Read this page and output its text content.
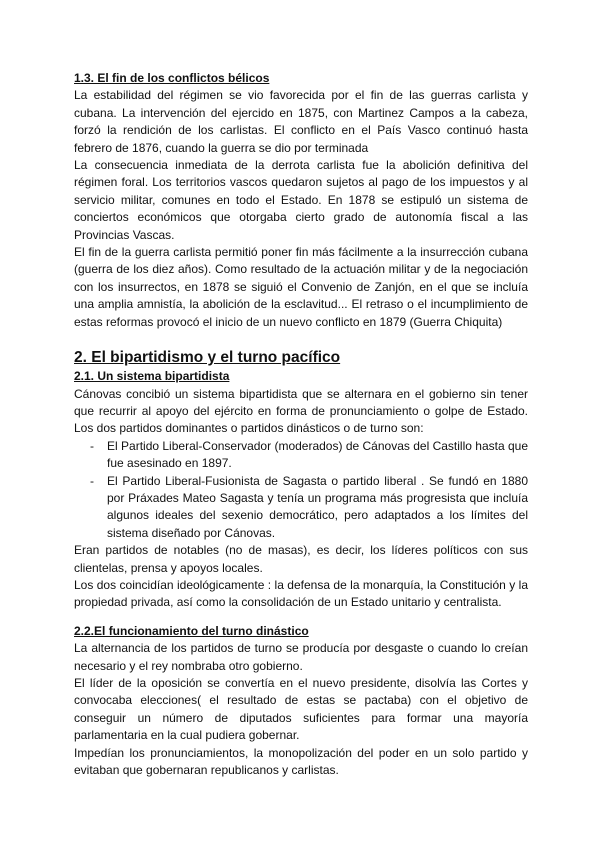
1.3. El fin de los conflictos bélicos

La estabilidad del régimen se vio favorecida por el fin de las guerras carlista y cubana. La intervención del ejercido en 1875, con Martinez Campos a la cabeza, forzó la rendición de los carlistas. El conflicto en el País Vasco continuó hasta febrero de 1876, cuando la guerra se dio por terminada

La consecuencia inmediata de la derrota carlista fue la abolición definitiva del régimen foral. Los territorios vascos quedaron sujetos al pago de los impuestos y al servicio militar, comunes en todo el Estado. En 1878 se estipuló un sistema de conciertos económicos que otorgaba cierto grado de autonomía fiscal a las Provincias Vascas.

El fin de la guerra carlista permitió poner fin más fácilmente a la insurrección cubana (guerra de los diez años). Como resultado de la actuación militar y de la negociación con los insurrectos, en 1878 se siguió el Convenio de Zanjón, en el que se incluía una amplia amnistía, la abolición de la esclavitud... El retraso o el incumplimiento de estas reformas provocó el inicio de un nuevo conflicto en 1879 (Guerra Chiquita)

2. El bipartidismo y el turno pacífico
2.1. Un sistema bipartidista

Cánovas concibió un sistema bipartidista que se alternara en el gobierno sin tener que recurrir al apoyo del ejército en forma de pronunciamiento o golpe de Estado. Los dos partidos dominantes o partidos dinásticos o de turno son:

- El Partido Liberal-Conservador (moderados) de Cánovas del Castillo hasta que fue asesinado en 1897.
- El Partido Liberal-Fusionista de Sagasta o partido liberal . Se fundó en 1880 por Práxades Mateo Sagasta y tenía un programa más progresista que incluía algunos ideales del sexenio democrático, pero adaptados a los límites del sistema diseñado por Cánovas.

Eran partidos de notables (no de masas), es decir, los líderes políticos con sus clientelas, prensa y apoyos locales.

Los dos coincidían ideológicamente : la defensa de la monarquía, la Constitución y la propiedad privada, así como la consolidación de un Estado unitario y centralista.

2.2.El funcionamiento del turno dinástico

La alternancia de los partidos de turno se producía por desgaste o cuando lo creían necesario y el rey nombraba otro gobierno.

El líder de la oposición se convertía en el nuevo presidente, disolvía las Cortes y convocaba elecciones( el resultado de estas se pactaba) con el objetivo de conseguir un número de diputados suficientes para formar una mayoría parlamentaria en la cual pudiera gobernar.

Impedían los pronunciamientos, la monopolización del poder en un solo partido y evitaban que gobernaran republicanos y carlistas.
